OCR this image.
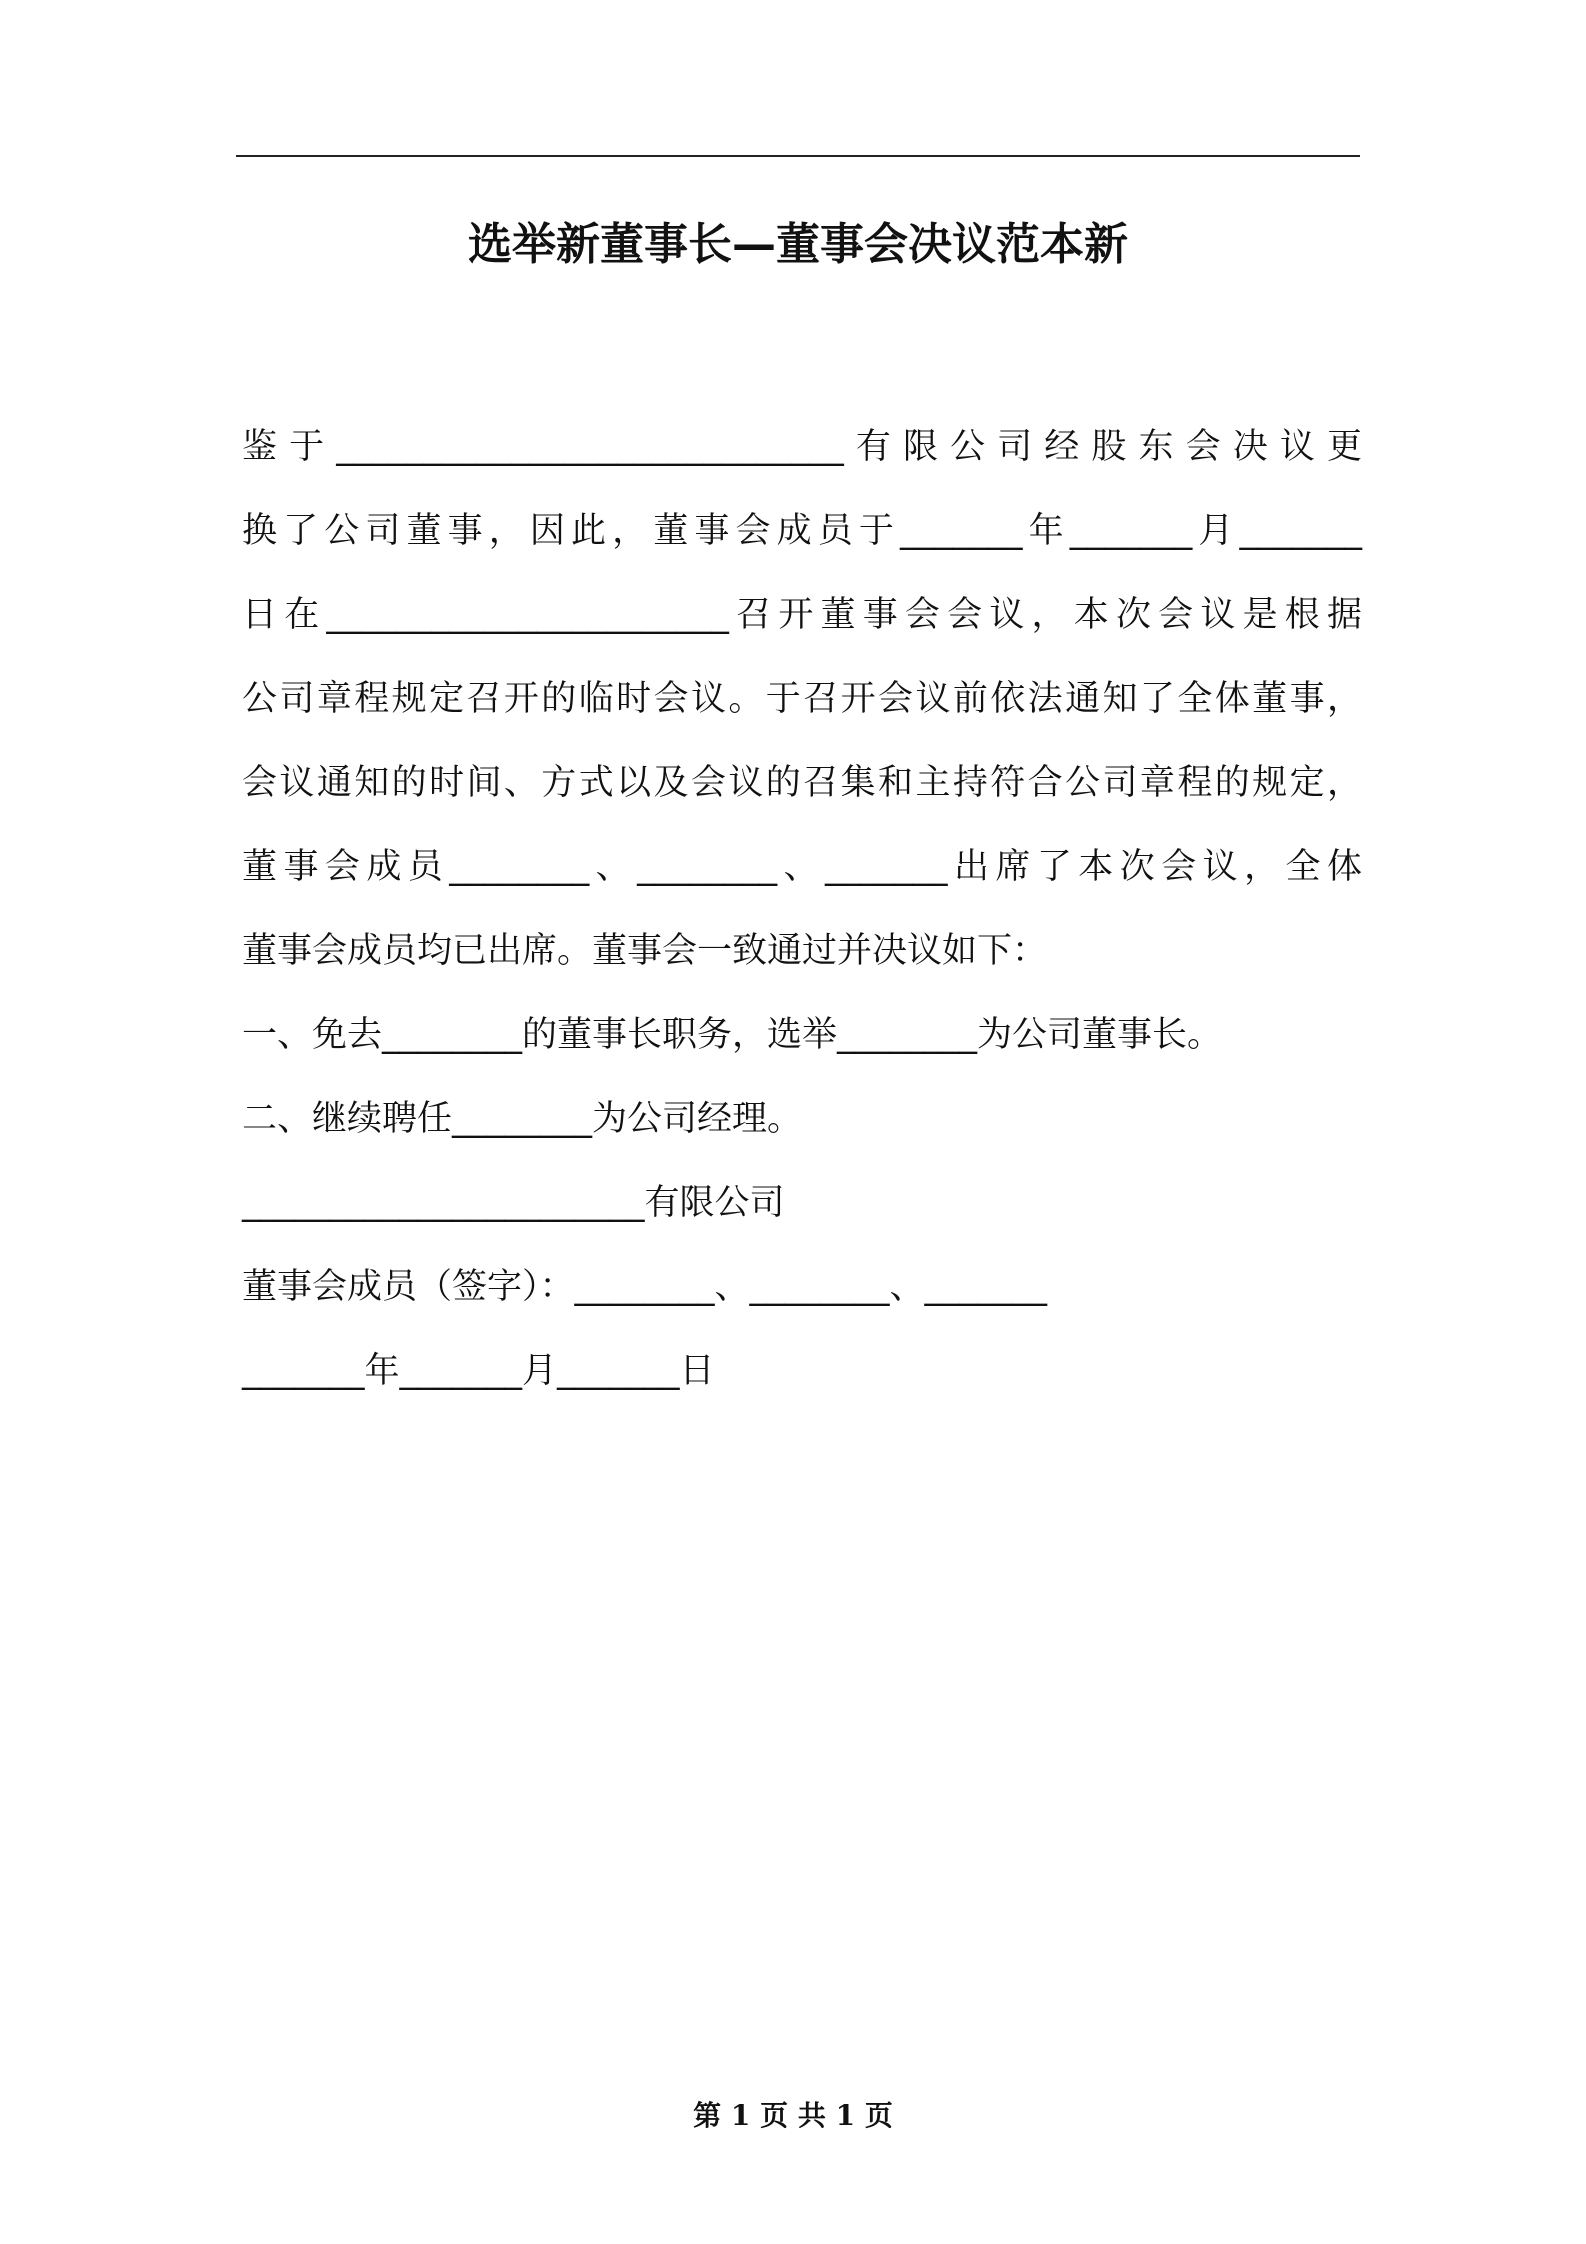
选举新董事长—董事会决议范本新
鉴于_____________________________有限公司经股东会决议更
换了公司董事，因此，董事会成员于_______年_______月_______
日在_______________________召开董事会会议，本次会议是根据
公司章程规定召开的临时会议。于召开会议前依法通知了全体董事，
会议通知的时间、方式以及会议的召集和主持符合公司章程的规定，
董事会成员________、________、_______出席了本次会议，全体
董事会成员均已出席。董事会一致通过并决议如下：
一、免去________的董事长职务，选举________为公司董事长。
二、继续聘任________为公司经理。
_______________________有限公司
董事会成员（签字）：________、________、_______
_______年_______月_______日
第 1 页 共 1 页
